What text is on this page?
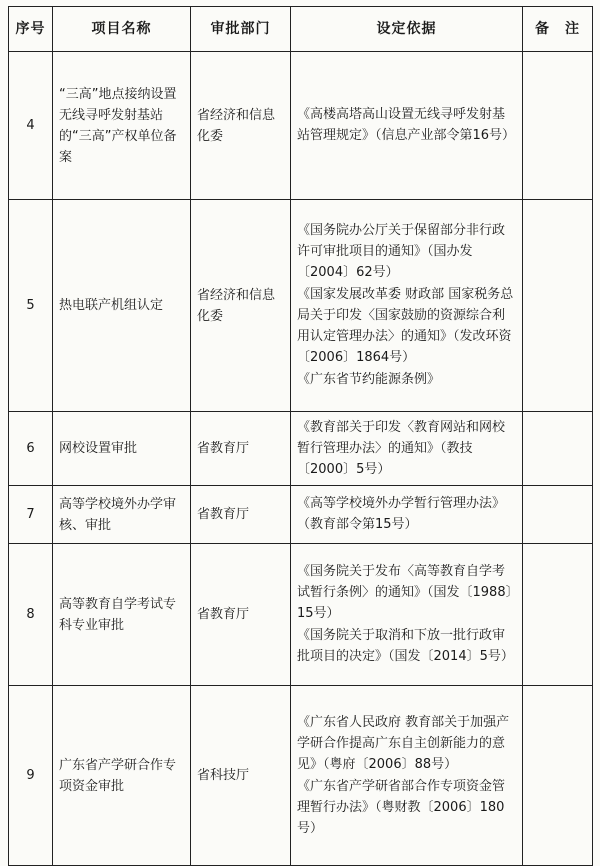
序号	项目名称	审批部门	设定依据	备　注
4	“三高”地点接纳设置无线寻呼发射基站的“三高”产权单位备案	省经济和信息化委	《高楼高塔高山设置无线寻呼发射基站管理规定》（信息产业部令第16号）	

5	热电联产机组认定	省经济和信息化委	《国务院办公厅关于保留部分非行政许可审批项目的通知》（国办发〔2004〕62号）

《国家发展改革委 财政部 国家税务总局关于印发〈国家鼓励的资源综合利用认定管理办法〉的通知》（发改环资〔2006〕1864号）

《广东省节约能源条例》	

6	网校设置审批	省教育厅	《教育部关于印发〈教育网站和网校暂行管理办法〉的通知》（教技〔2000〕5号）	

7	高等学校境外办学审核、审批	省教育厅	《高等学校境外办学暂行管理办法》（教育部令第15号）	

8	高等教育自学考试专科专业审批	省教育厅	《国务院关于发布〈高等教育自学考试暂行条例〉的通知》（国发〔1988〕15号）

《国务院关于取消和下放一批行政审批项目的决定》（国发〔2014〕5号）	

9	广东省产学研合作专项资金审批	省科技厅	《广东省人民政府 教育部关于加强产学研合作提高广东自主创新能力的意见》（粤府〔2006〕88号）

《广东省产学研省部合作专项资金管理暂行办法》（粤财教〔2006〕180号）	
